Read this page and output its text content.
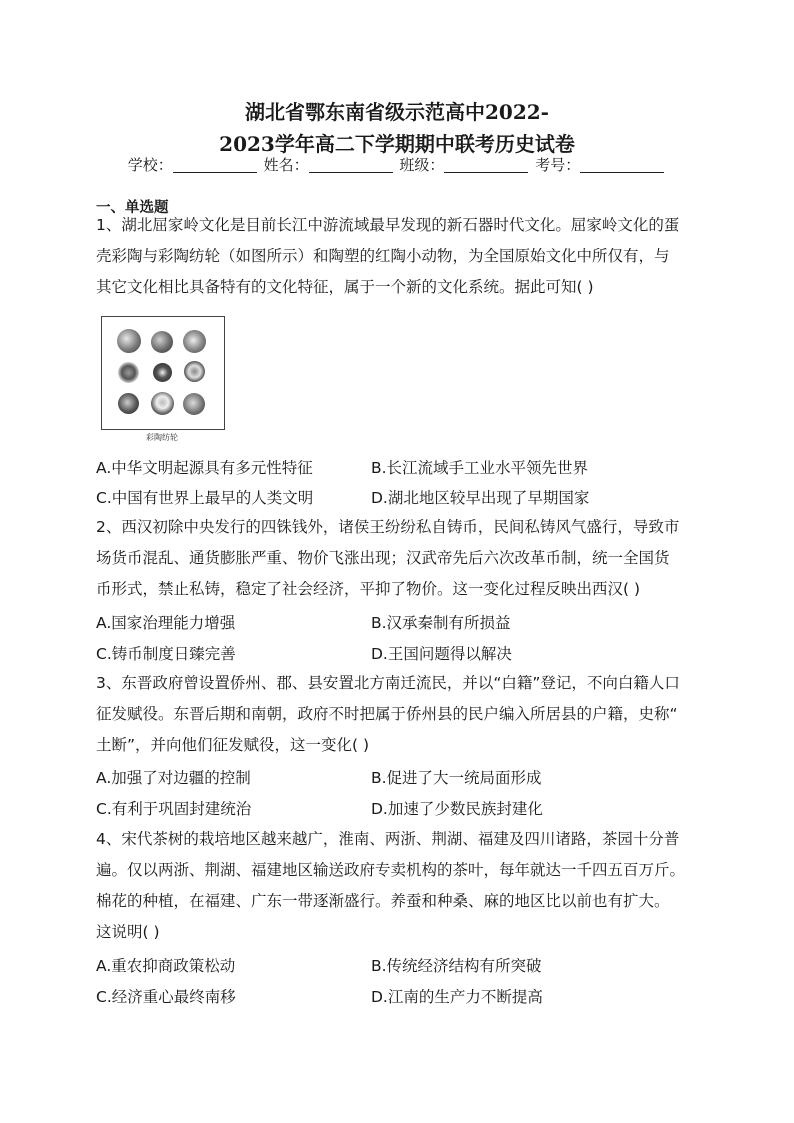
湖北省鄂东南省级示范高中2022-
2023学年高二下学期期中联考历史试卷
学校：	姓名：	班级：	考号：
一、单选题
1、湖北屈家岭文化是目前长江中游流域最早发现的新石器时代文化。屈家岭文化的蛋
壳彩陶与彩陶纺轮（如图所示）和陶塑的红陶小动物，为全国原始文化中所仅有，与
其它文化相比具备特有的文化特征，属于一个新的文化系统。据此可知( )
彩陶纺轮
A.中华文明起源具有多元性特征	B.长江流域手工业水平领先世界
C.中国有世界上最早的人类文明	D.湖北地区较早出现了早期国家
2、西汉初除中央发行的四铢钱外，诸侯王纷纷私自铸币，民间私铸风气盛行，导致市
场货币混乱、通货膨胀严重、物价飞涨出现；汉武帝先后六次改革币制，统一全国货
币形式，禁止私铸，稳定了社会经济，平抑了物价。这一变化过程反映出西汉( )
A.国家治理能力增强	B.汉承秦制有所损益
C.铸币制度日臻完善	D.王国问题得以解决
3、东晋政府曾设置侨州、郡、县安置北方南迁流民，并以“白籍”登记，不向白籍人口
征发赋役。东晋后期和南朝，政府不时把属于侨州县的民户编入所居县的户籍，史称“
土断”，并向他们征发赋役，这一变化( )
A.加强了对边疆的控制	B.促进了大一统局面形成
C.有利于巩固封建统治	D.加速了少数民族封建化
4、宋代茶树的栽培地区越来越广，淮南、两浙、荆湖、福建及四川诸路，茶园十分普
遍。仅以两浙、荆湖、福建地区输送政府专卖机构的茶叶，每年就达一千四五百万斤。
棉花的种植，在福建、广东一带逐渐盛行。养蚕和种桑、麻的地区比以前也有扩大。
这说明( )
A.重农抑商政策松动	B.传统经济结构有所突破
C.经济重心最终南移	D.江南的生产力不断提高
